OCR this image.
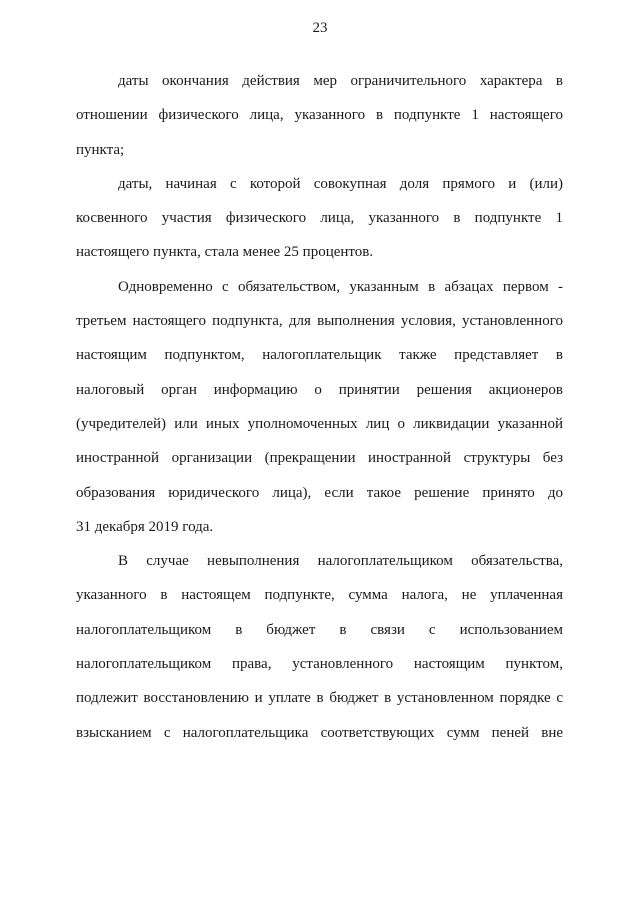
23
даты окончания действия мер ограничительного характера в
отношении физического лица, указанного в подпункте 1 настоящего
пункта;
даты, начиная с которой совокупная доля прямого и (или)
косвенного участия физического лица, указанного в подпункте 1
настоящего пункта, стала менее 25 процентов.
Одновременно с обязательством, указанным в абзацах первом -
третьем настоящего подпункта, для выполнения условия, установленного
настоящим подпунктом, налогоплательщик также представляет в
налоговый орган информацию о принятии решения акционеров
(учредителей) или иных уполномоченных лиц о ликвидации указанной
иностранной организации (прекращении иностранной структуры без
образования юридического лица), если такое решение принято до
31 декабря 2019 года.
В случае невыполнения налогоплательщиком обязательства,
указанного в настоящем подпункте, сумма налога, не уплаченная
налогоплательщиком в бюджет в связи с использованием
налогоплательщиком права, установленного настоящим пунктом,
подлежит восстановлению и уплате в бюджет в установленном порядке с
взысканием с налогоплательщика соответствующих сумм пеней вне
